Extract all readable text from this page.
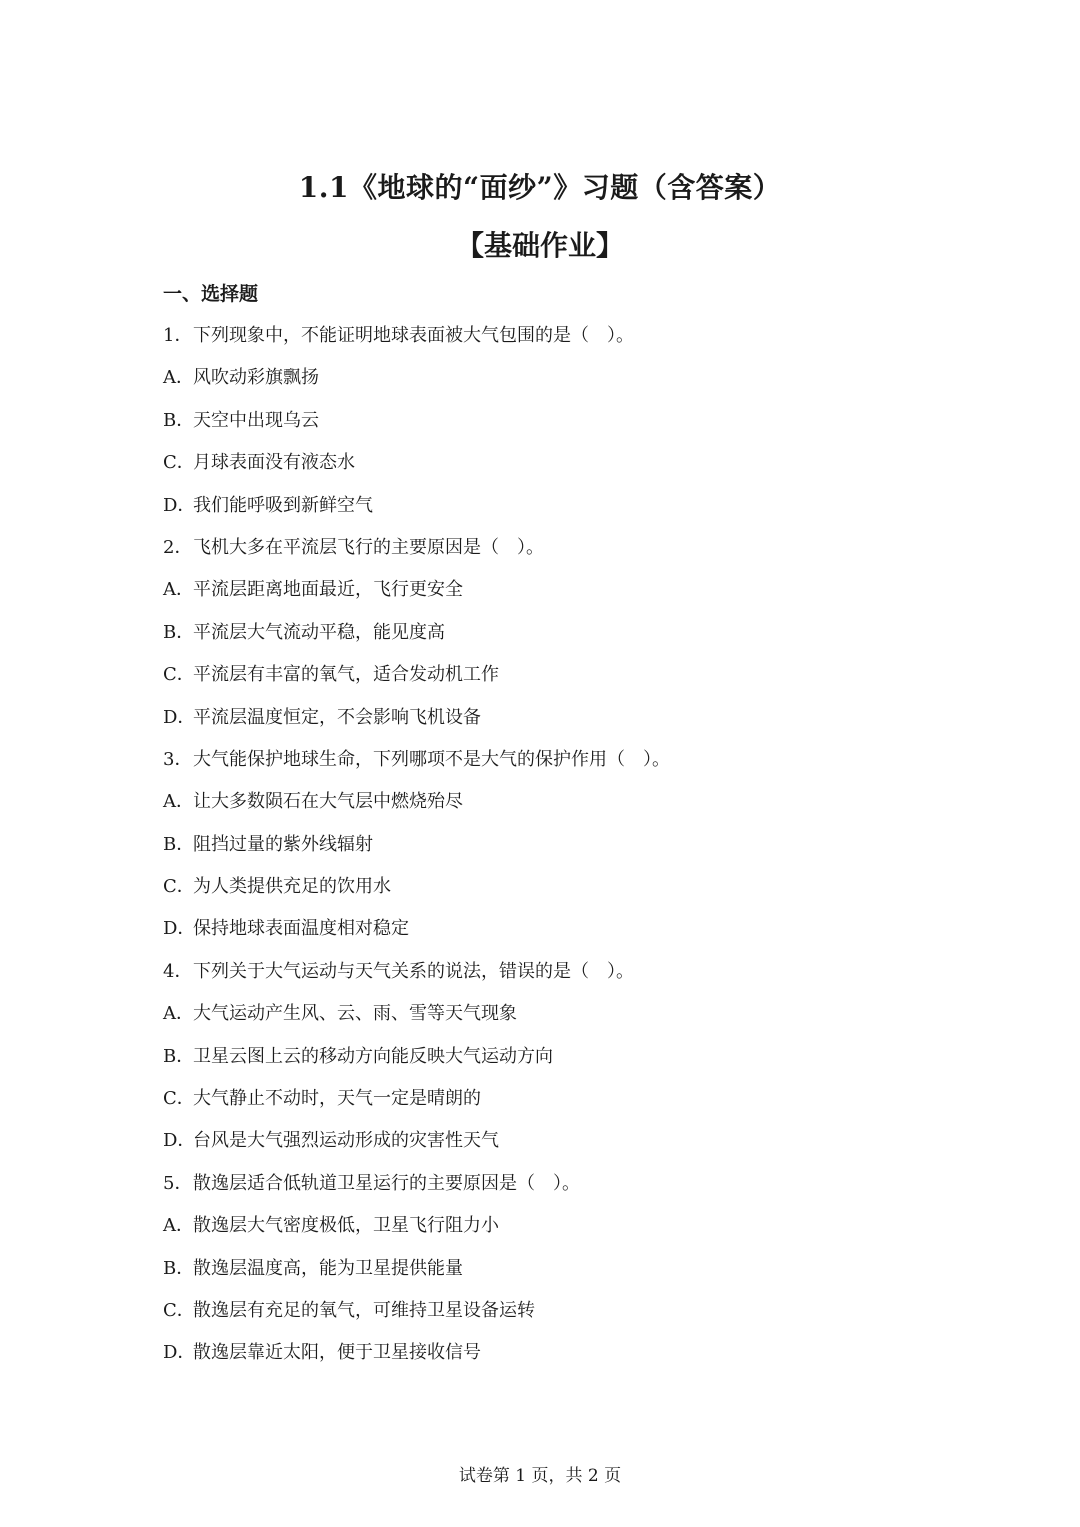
1.1《地球的“面纱”》习题（含答案）
【基础作业】
一、选择题
1．下列现象中，不能证明地球表面被大气包围的是（　）。
A．风吹动彩旗飘扬
B．天空中出现乌云
C．月球表面没有液态水
D．我们能呼吸到新鲜空气
2．飞机大多在平流层飞行的主要原因是（　）。
A．平流层距离地面最近，飞行更安全
B．平流层大气流动平稳，能见度高
C．平流层有丰富的氧气，适合发动机工作
D．平流层温度恒定，不会影响飞机设备
3．大气能保护地球生命，下列哪项不是大气的保护作用（　）。
A．让大多数陨石在大气层中燃烧殆尽
B．阻挡过量的紫外线辐射
C．为人类提供充足的饮用水
D．保持地球表面温度相对稳定
4．下列关于大气运动与天气关系的说法，错误的是（　）。
A．大气运动产生风、云、雨、雪等天气现象
B．卫星云图上云的移动方向能反映大气运动方向
C．大气静止不动时，天气一定是晴朗的
D．台风是大气强烈运动形成的灾害性天气
5．散逸层适合低轨道卫星运行的主要原因是（　）。
A．散逸层大气密度极低，卫星飞行阻力小
B．散逸层温度高，能为卫星提供能量
C．散逸层有充足的氧气，可维持卫星设备运转
D．散逸层靠近太阳，便于卫星接收信号
试卷第 1 页，共 2 页
